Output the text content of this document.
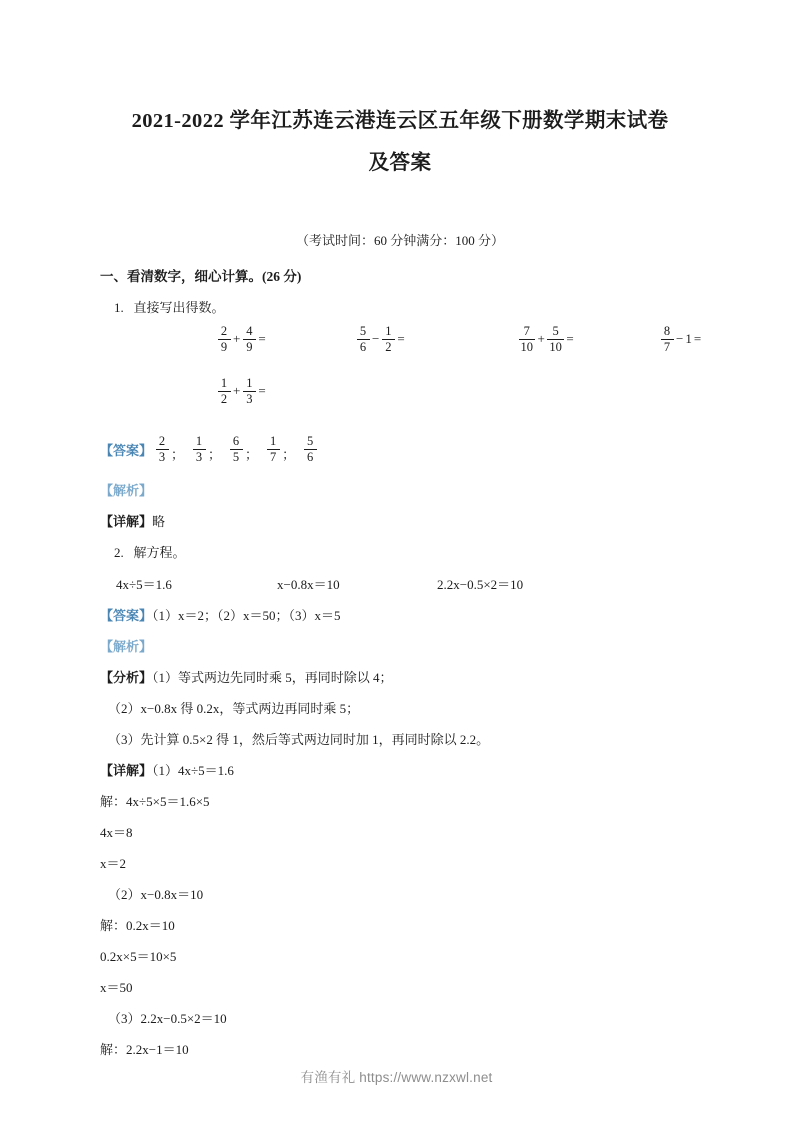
2021-2022 学年江苏连云港连云区五年级下册数学期末试卷
及答案
（考试时间：60 分钟满分：100 分）
一、看清数字，细心计算。(26 分)
1. 直接写出得数。
$\frac{2}{9} + \frac{4}{9}$ =	$\frac{5}{6} - \frac{1}{2}$ =	$\frac{7}{10} + \frac{5}{10}$ =	$\frac{8}{7} - 1$ =
$\frac{1}{2} + \frac{1}{3}$ =
【答案】 $\frac{2}{3}$ ； $\frac{1}{3}$ ； $\frac{6}{5}$ ； $\frac{1}{7}$ ； $\frac{5}{6}$
【解析】
【详解】略
2. 解方程。
4x÷5＝1.6	x−0.8x＝10	2.2x−0.5×2＝10
【答案】（1）x＝2；（2）x＝50；（3）x＝5
【解析】
【分析】（1）等式两边先同时乘 5，再同时除以 4；
（2）x−0.8x 得 0.2x，等式两边再同时乘 5；
（3）先计算 0.5×2 得 1，然后等式两边同时加 1，再同时除以 2.2。
【详解】（1）4x÷5＝1.6
解：4x÷5×5＝1.6×5
4x＝8
x＝2
（2）x−0.8x＝10
解：0.2x＝10
0.2x×5＝10×5
x＝50
（3）2.2x−0.5×2＝10
解：2.2x−1＝10
有渔有礼 https://www.nzxwl.net
